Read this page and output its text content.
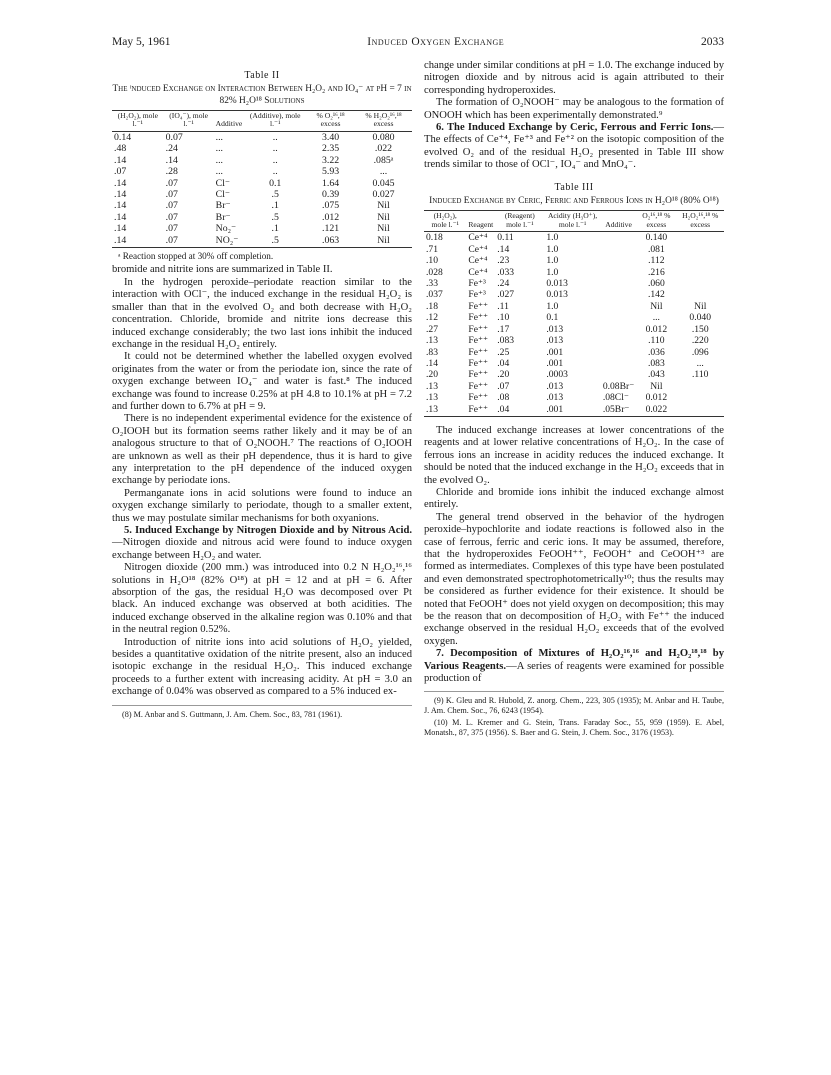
May 5, 1961	Induced Oxygen Exchange	2033
Table II
The ᶦnduced Exchange on Interaction Between H₂O₂ and IO₄⁻ at pH = 7 in 82% H₂O¹⁸ Solutions
(H₂O₂), mole l.⁻¹	(IO₄⁻), mole l.⁻¹	Additive	(Additive), mole l.⁻¹	% O₂¹⁶,¹⁸ excess	% H₂O₂¹⁶,¹⁸ excess
0.14	0.07	...	..	3.40	0.080
.48	.24	...	..	2.35	.022
.14	.14	...	..	3.22	.085ᵃ
.07	.28	...	..	5.93	...
.14	.07	Cl⁻	0.1	1.64	0.045
.14	.07	Cl⁻	.5	0.39	0.027
.14	.07	Br⁻	.1	.075	Nil
.14	.07	Br⁻	.5	.012	Nil
.14	.07	No₂⁻	.1	.121	Nil
.14	.07	NO₂⁻	.5	.063	Nil
ᵃ Reaction stopped at 30% off completion.

bromide and nitrite ions are summarized in Table II.

In the hydrogen peroxide–periodate reaction similar to the interaction with OCl⁻, the induced exchange in the residual H₂O₂ is smaller than that in the evolved O₂ and both decrease with H₂O₂ concentration. Chloride, bromide and nitrite ions decrease this induced exchange considerably; the two last ions inhibit the induced exchange in the residual H₂O₂ entirely.

It could not be determined whether the labelled oxygen evolved originates from the water or from the periodate ion, since the rate of oxygen exchange between IO₄⁻ and water is fast.⁸ The induced exchange was found to increase 0.25% at pH 4.8 to 10.1% at pH = 7.2 and further down to 6.7% at pH = 9.

There is no independent experimental evidence for the existence of O₂IOOH but its formation seems rather likely and it may be of an analogous structure to that of O₂NOOH.⁷ The reactions of O₂IOOH are unknown as well as their pH dependence, thus it is hard to give any interpretation to the pH dependence of the induced oxygen exchange by periodate ions.

Permanganate ions in acid solutions were found to induce an oxygen exchange similarly to periodate, though to a smaller extent, thus we may postulate similar mechanisms for both oxyanions.

5. Induced Exchange by Nitrogen Dioxide and by Nitrous Acid.—Nitrogen dioxide and nitrous acid were found to induce oxygen exchange between H₂O₂ and water.

Nitrogen dioxide (200 mm.) was introduced into 0.2 N H₂O₂¹⁶,¹⁶ solutions in H₂O¹⁸ (82% O¹⁸) at pH = 12 and at pH = 6. After absorption of the gas, the residual H₂O was decomposed over Pt black. An induced exchange was observed at both acidities. The induced exchange observed in the alkaline region was 0.10% and that in the neutral region 0.52%.

Introduction of nitrite ions into acid solutions of H₂O₂ yielded, besides a quantitative oxidation of the nitrite present, also an induced isotopic exchange in the residual H₂O₂. This induced exchange proceeds to a further extent with increasing acidity. At pH = 3.0 an exchange of 0.04% was observed as compared to a 5% induced ex-

(8) M. Anbar and S. Guttmann, J. Am. Chem. Soc., 83, 781 (1961).

change under similar conditions at pH = 1.0. The exchange induced by nitrogen dioxide and by nitrous acid is again attributed to their corresponding hydroperoxides.

The formation of O₂NOOH⁻ may be analogous to the formation of ONOOH which has been experimentally demonstrated.⁹

6. The Induced Exchange by Ceric, Ferrous and Ferric Ions.—The effects of Ce⁺⁴, Fe⁺³ and Fe⁺² on the isotopic composition of the evolved O₂ and of the residual H₂O₂ presented in Table III show trends similar to those of OCl⁻, IO₄⁻ and MnO₄⁻.

Table III
Induced Exchange by Ceric, Ferric and Ferrous Ions in H₂O¹⁸ (80% O¹⁸)
(H₂O₂), mole l.⁻¹	Reagent	(Reagent) mole l.⁻¹	Acidity (H₃O⁺), mole l.⁻¹	Additive	O₂¹⁶,¹⁸ % excess	H₂O₂¹⁶,¹⁸ % excess
0.18	Ce⁺⁴	0.11	1.0		0.140	
.71	Ce⁺⁴	.14	1.0		.081	
.10	Ce⁺⁴	.23	1.0		.112	
.028	Ce⁺⁴	.033	1.0		.216	
.33	Fe⁺³	.24	0.013		.060	
.037	Fe⁺³	.027	0.013		.142	
.18	Fe⁺⁺	.11	1.0		Nil	Nil
.12	Fe⁺⁺	.10	0.1		...	0.040
.27	Fe⁺⁺	.17	.013		0.012	.150
.13	Fe⁺⁺	.083	.013		.110	.220
.83	Fe⁺⁺	.25	.001		.036	.096
.14	Fe⁺⁺	.04	.001		.083	...
.20	Fe⁺⁺	.20	.0003		.043	.110
.13	Fe⁺⁺	.07	.013	0.08Br⁻	Nil	
.13	Fe⁺⁺	.08	.013	.08Cl⁻	0.012	
.13	Fe⁺⁺	.04	.001	.05Br⁻	0.022	

The induced exchange increases at lower concentrations of the reagents and at lower relative concentrations of H₂O₂. In the case of ferrous ions an increase in acidity reduces the induced exchange. It should be noted that the induced exchange in the H₂O₂ exceeds that in the evolved O₂.

Chloride and bromide ions inhibit the induced exchange almost entirely.

The general trend observed in the behavior of the hydrogen peroxide–hypochlorite and iodate reactions is followed also in the case of ferrous, ferric and ceric ions. It may be assumed, therefore, that the hydroperoxides FeOOH⁺⁺, FeOOH⁺ and CeOOH⁺³ are formed as intermediates. Complexes of this type have been postulated and even demonstrated spectrophotometrically¹⁰; thus the results may be considered as further evidence for their existence. It should be noted that FeOOH⁺ does not yield oxygen on decomposition; this may be the reason that on decomposition of H₂O₂ with Fe⁺⁺ the induced exchange observed in the residual H₂O₂ exceeds that of the evolved oxygen.

7. Decomposition of Mixtures of H₂O₂¹⁶,¹⁶ and H₂O₂¹⁸,¹⁸ by Various Reagents.—A series of reagents were examined for possible production of

(9) K. Gleu and R. Hubold, Z. anorg. Chem., 223, 305 (1935); M. Anbar and H. Taube, J. Am. Chem. Soc., 76, 6243 (1954).
(10) M. L. Kremer and G. Stein, Trans. Faraday Soc., 55, 959 (1959). E. Abel, Monatsh., 87, 375 (1956). S. Baer and G. Stein, J. Chem. Soc., 3176 (1953).
